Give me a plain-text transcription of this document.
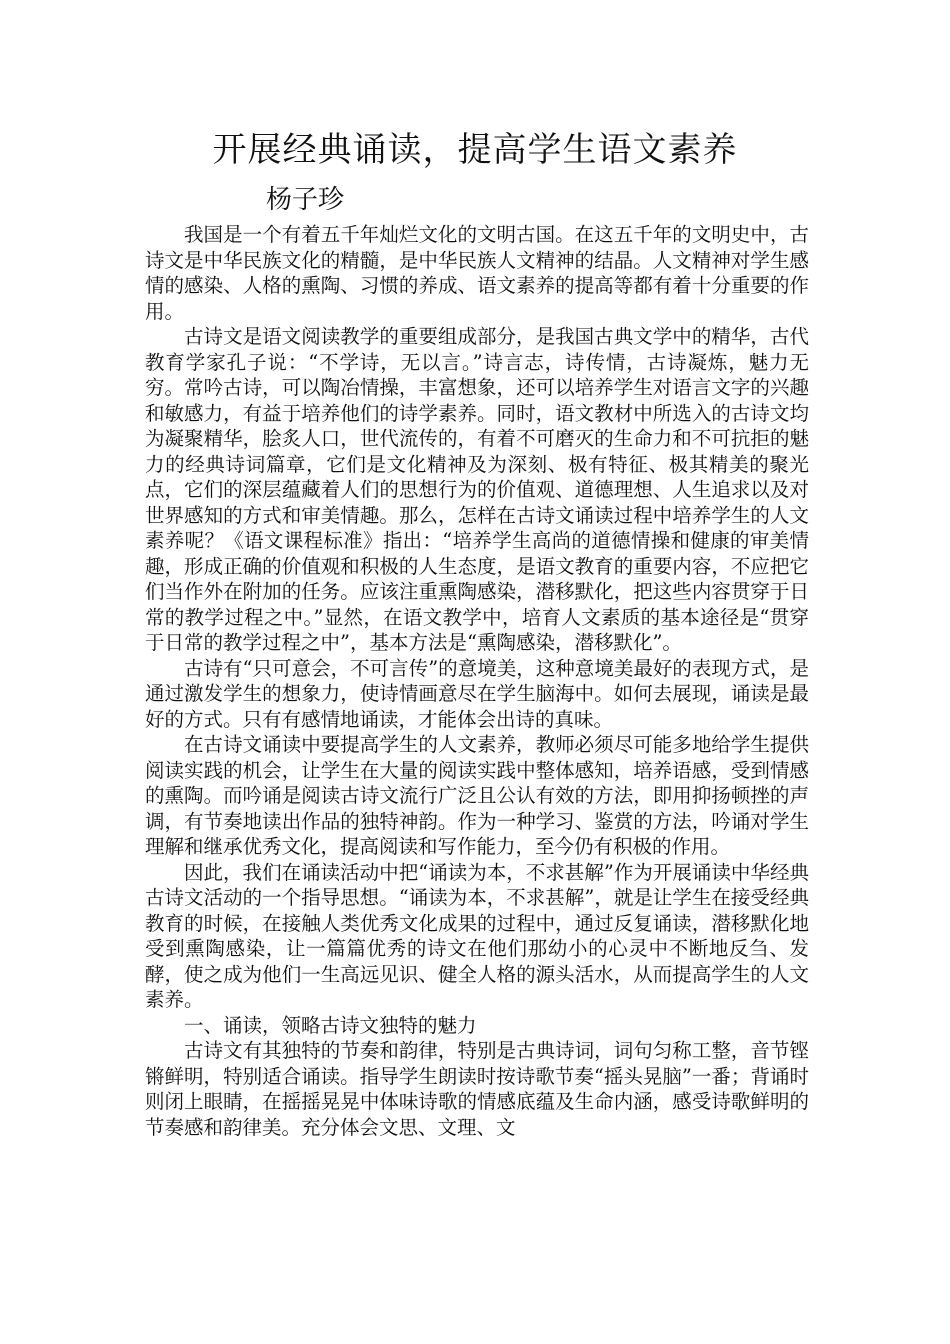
开展经典诵读，提高学生语文素养
杨子珍

我国是一个有着五千年灿烂文化的文明古国。在这五千年的文明史中，古诗文是中华民族文化的精髓，是中华民族人文精神的结晶。人文精神对学生感情的感染、人格的熏陶、习惯的养成、语文素养的提高等都有着十分重要的作用。

古诗文是语文阅读教学的重要组成部分，是我国古典文学中的精华，古代教育学家孔子说：“不学诗，无以言。”诗言志，诗传情，古诗凝炼，魅力无穷。常吟古诗，可以陶冶情操，丰富想象，还可以培养学生对语言文字的兴趣和敏感力，有益于培养他们的诗学素养。同时，语文教材中所选入的古诗文均为凝聚精华，脍炙人口，世代流传的，有着不可磨灭的生命力和不可抗拒的魅力的经典诗词篇章，它们是文化精神及为深刻、极有特征、极其精美的聚光点，它们的深层蕴藏着人们的思想行为的价值观、道德理想、人生追求以及对世界感知的方式和审美情趣。那么，怎样在古诗文诵读过程中培养学生的人文素养呢？《语文课程标准》指出：“培养学生高尚的道德情操和健康的审美情趣，形成正确的价值观和积极的人生态度，是语文教育的重要内容，不应把它们当作外在附加的任务。应该注重熏陶感染，潜移默化，把这些内容贯穿于日常的教学过程之中。”显然，在语文教学中，培育人文素质的基本途径是“贯穿于日常的教学过程之中”，基本方法是“熏陶感染，潜移默化”。

古诗有“只可意会，不可言传”的意境美，这种意境美最好的表现方式，是通过激发学生的想象力，使诗情画意尽在学生脑海中。如何去展现，诵读是最好的方式。只有有感情地诵读，才能体会出诗的真味。

在古诗文诵读中要提高学生的人文素养，教师必须尽可能多地给学生提供阅读实践的机会，让学生在大量的阅读实践中整体感知，培养语感，受到情感的熏陶。而吟诵是阅读古诗文流行广泛且公认有效的方法，即用抑扬顿挫的声调，有节奏地读出作品的独特神韵。作为一种学习、鉴赏的方法，吟诵对学生理解和继承优秀文化，提高阅读和写作能力，至今仍有积极的作用。

因此，我们在诵读活动中把“诵读为本，不求甚解”作为开展诵读中华经典古诗文活动的一个指导思想。“诵读为本，不求甚解”，就是让学生在接受经典教育的时候，在接触人类优秀文化成果的过程中，通过反复诵读，潜移默化地受到熏陶感染，让一篇篇优秀的诗文在他们那幼小的心灵中不断地反刍、发酵，使之成为他们一生高远见识、健全人格的源头活水，从而提高学生的人文素养。

一、诵读，领略古诗文独特的魅力

古诗文有其独特的节奏和韵律，特别是古典诗词，词句匀称工整，音节铿锵鲜明，特别适合诵读。指导学生朗读时按诗歌节奏“摇头晃脑”一番；背诵时则闭上眼睛，在摇摇晃晃中体味诗歌的情感底蕴及生命内涵，感受诗歌鲜明的节奏感和韵律美。充分体会文思、文理、文
